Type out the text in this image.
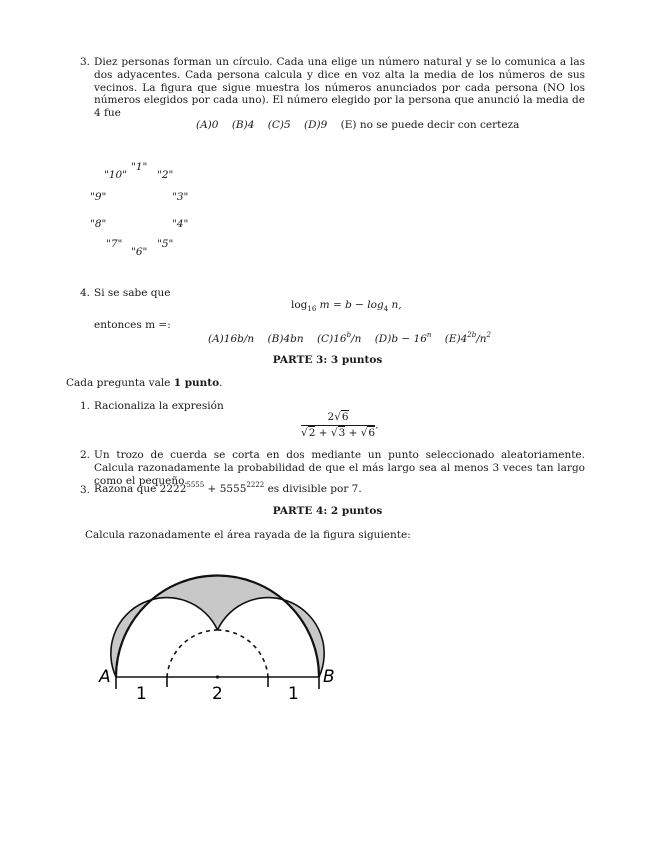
3. Diez personas forman un círculo. Cada una elige un número natural y se lo comunica a las dos adyacentes. Cada persona calcula y dice en voz alta la media de los números de sus vecinos. La figura que sigue muestra los números anunciados por cada persona (NO los números elegidos por cada uno). El número elegido por la persona que anunció la media de 4 fue
(A)0 (B)4 (C)5 (D)9 (E) no se puede decir con certeza
"1"
"2"
"3"
"4"
"5"
"6"
"7"
"8"
"9"
"10"
4. Si se sabe que
$\log_{16} m = b - \log_4 n$,
entonces m =:
(A)16b/n (B)4bn (C)16$^b$/n $(D)b - 16^n$ $(E)4^{2b}/n^2$
PARTE 3: 3 puntos
Cada pregunta vale 1 punto.
1. Racionaliza la expresión
$\frac{2√6}{√2 + √3 + √6}$ .
2. Un trozo de cuerda se corta en dos mediante un punto seleccionado aleatoriamente. Calcula razonadamente la probabilidad de que el más largo sea al menos 3 veces tan largo como el pequeño.
3. Razona que $2222^{5555} + 5555^{2222}$ es divisible por 7.
PARTE 4: 2 puntos
Calcula razonadamente el área rayada de la figura siguiente:
A	B
1	2	1
